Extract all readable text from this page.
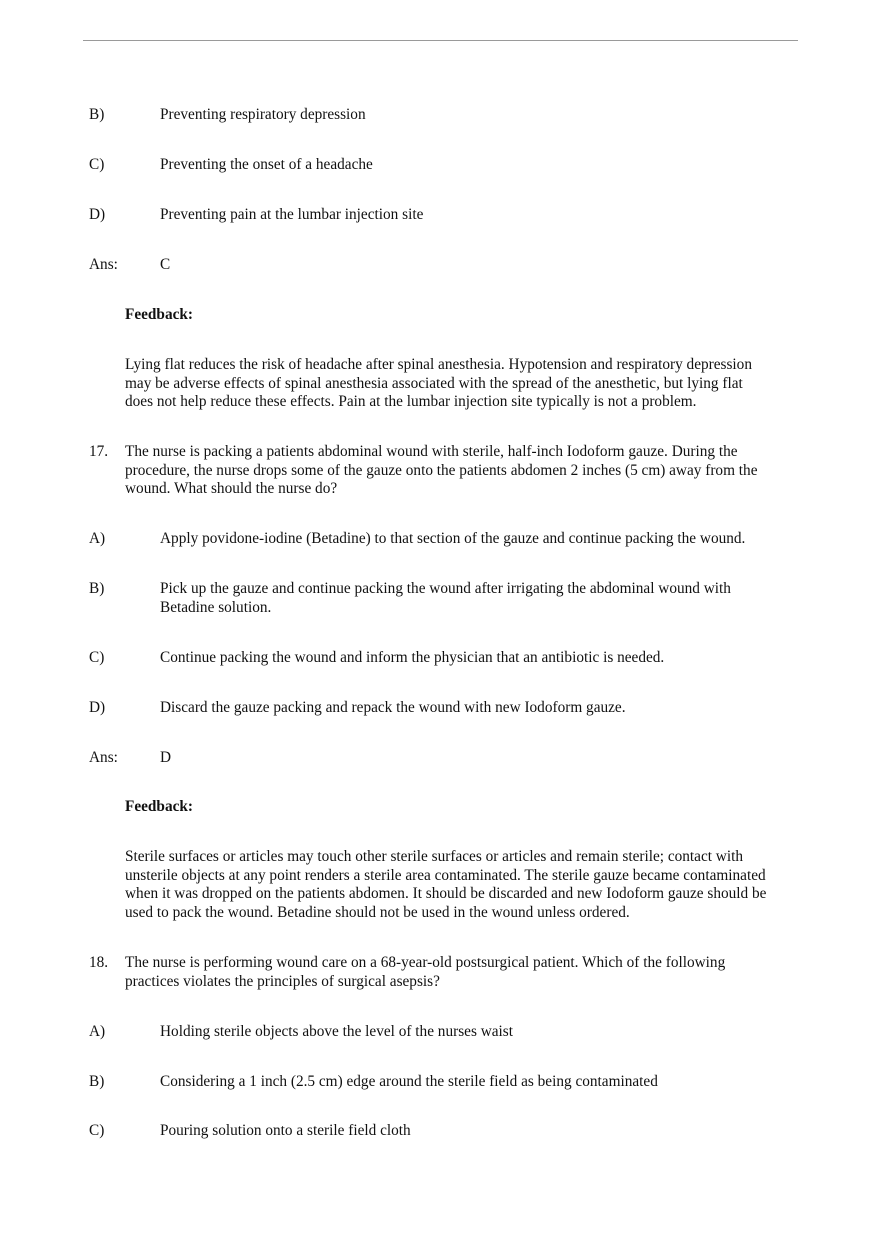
B)	Preventing respiratory depression
C)	Preventing the onset of a headache
D)	Preventing pain at the lumbar injection site
Ans:	C
Feedback:
Lying flat reduces the risk of headache after spinal anesthesia. Hypotension and respiratory depression
may be adverse effects of spinal anesthesia associated with the spread of the anesthetic, but lying flat
does not help reduce these effects. Pain at the lumbar injection site typically is not a problem.
17. The nurse is packing a patients abdominal wound with sterile, half-inch Iodoform gauze. During the
procedure, the nurse drops some of the gauze onto the patients abdomen 2 inches (5 cm) away from the
wound. What should the nurse do?
A)	Apply povidone-iodine (Betadine) to that section of the gauze and continue packing the wound.
B)	Pick up the gauze and continue packing the wound after irrigating the abdominal wound with
Betadine solution.
C)	Continue packing the wound and inform the physician that an antibiotic is needed.
D)	Discard the gauze packing and repack the wound with new Iodoform gauze.
Ans:	D
Feedback:
Sterile surfaces or articles may touch other sterile surfaces or articles and remain sterile; contact with
unsterile objects at any point renders a sterile area contaminated. The sterile gauze became contaminated
when it was dropped on the patients abdomen. It should be discarded and new Iodoform gauze should be
used to pack the wound. Betadine should not be used in the wound unless ordered.
18. The nurse is performing wound care on a 68-year-old postsurgical patient. Which of the following
practices violates the principles of surgical asepsis?
A)	Holding sterile objects above the level of the nurses waist
B)	Considering a 1 inch (2.5 cm) edge around the sterile field as being contaminated
C)	Pouring solution onto a sterile field cloth
